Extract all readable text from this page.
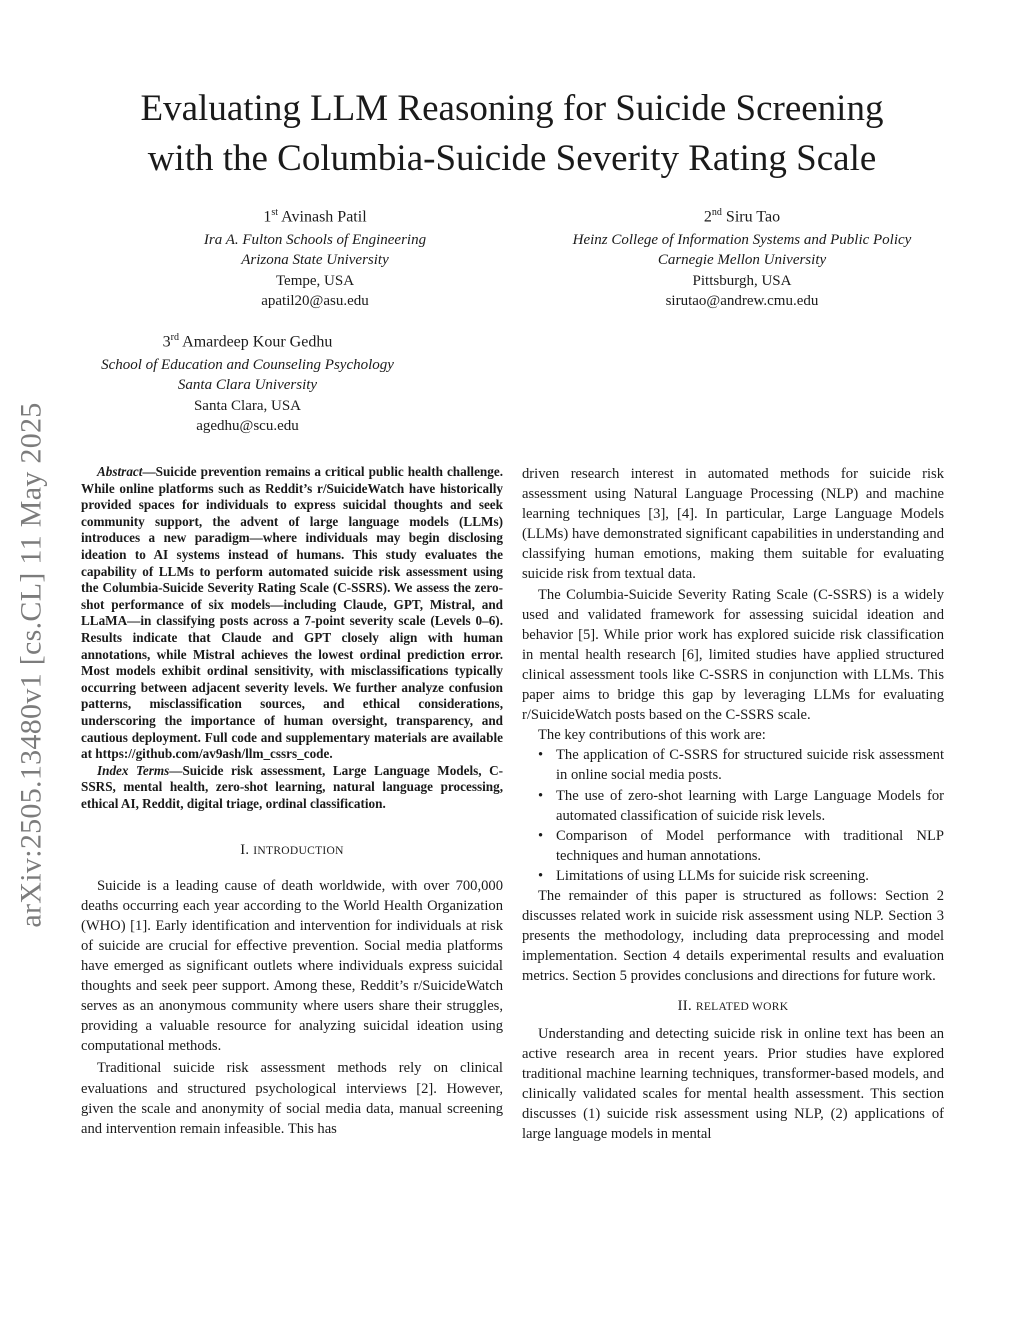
arXiv:2505.13480v1 [cs.CL] 11 May 2025
Evaluating LLM Reasoning for Suicide Screening
with the Columbia-Suicide Severity Rating Scale
1st Avinash Patil
Ira A. Fulton Schools of Engineering
Arizona State University
Tempe, USA
apatil20@asu.edu
2nd Siru Tao
Heinz College of Information Systems and Public Policy
Carnegie Mellon University
Pittsburgh, USA
sirutao@andrew.cmu.edu
3rd Amardeep Kour Gedhu
School of Education and Counseling Psychology
Santa Clara University
Santa Clara, USA
agedhu@scu.edu

Abstract—Suicide prevention remains a critical public health challenge. While online platforms such as Reddit’s r/SuicideWatch have historically provided spaces for individuals to express suicidal thoughts and seek community support, the advent of large language models (LLMs) introduces a new paradigm—where individuals may begin disclosing ideation to AI systems instead of humans. This study evaluates the capability of LLMs to perform automated suicide risk assessment using the Columbia-Suicide Severity Rating Scale (C-SSRS). We assess the zero-shot performance of six models—including Claude, GPT, Mistral, and LLaMA—in classifying posts across a 7-point severity scale (Levels 0–6). Results indicate that Claude and GPT closely align with human annotations, while Mistral achieves the lowest ordinal prediction error. Most models exhibit ordinal sensitivity, with misclassifications typically occurring between adjacent severity levels. We further analyze confusion patterns, misclassification sources, and ethical considerations, underscoring the importance of human oversight, transparency, and cautious deployment. Full code and supplementary materials are available at https://github.com/av9ash/llm_cssrs_code.

Index Terms—Suicide risk assessment, Large Language Models, C-SSRS, mental health, zero-shot learning, natural language processing, ethical AI, Reddit, digital triage, ordinal classification.

I. INTRODUCTION

Suicide is a leading cause of death worldwide, with over 700,000 deaths occurring each year according to the World Health Organization (WHO) [1]. Early identification and intervention for individuals at risk of suicide are crucial for effective prevention. Social media platforms have emerged as significant outlets where individuals express suicidal thoughts and seek peer support. Among these, Reddit’s r/SuicideWatch serves as an anonymous community where users share their struggles, providing a valuable resource for analyzing suicidal ideation using computational methods.

Traditional suicide risk assessment methods rely on clinical evaluations and structured psychological interviews [2]. However, given the scale and anonymity of social media data, manual screening and intervention remain infeasible. This has

driven research interest in automated methods for suicide risk assessment using Natural Language Processing (NLP) and machine learning techniques [3], [4]. In particular, Large Language Models (LLMs) have demonstrated significant capabilities in understanding and classifying human emotions, making them suitable for evaluating suicide risk from textual data.

The Columbia-Suicide Severity Rating Scale (C-SSRS) is a widely used and validated framework for assessing suicidal ideation and behavior [5]. While prior work has explored suicide risk classification in mental health research [6], limited studies have applied structured clinical assessment tools like C-SSRS in conjunction with LLMs. This paper aims to bridge this gap by leveraging LLMs for evaluating r/SuicideWatch posts based on the C-SSRS scale.

The key contributions of this work are:

• The application of C-SSRS for structured suicide risk assessment in online social media posts.
• The use of zero-shot learning with Large Language Models for automated classification of suicide risk levels.
• Comparison of Model performance with traditional NLP techniques and human annotations.
• Limitations of using LLMs for suicide risk screening.

The remainder of this paper is structured as follows: Section 2 discusses related work in suicide risk assessment using NLP. Section 3 presents the methodology, including data preprocessing and model implementation. Section 4 details experimental results and evaluation metrics. Section 5 provides conclusions and directions for future work.

II. RELATED WORK

Understanding and detecting suicide risk in online text has been an active research area in recent years. Prior studies have explored traditional machine learning techniques, transformer-based models, and clinically validated scales for mental health assessment. This section discusses (1) suicide risk assessment using NLP, (2) applications of large language models in mental
